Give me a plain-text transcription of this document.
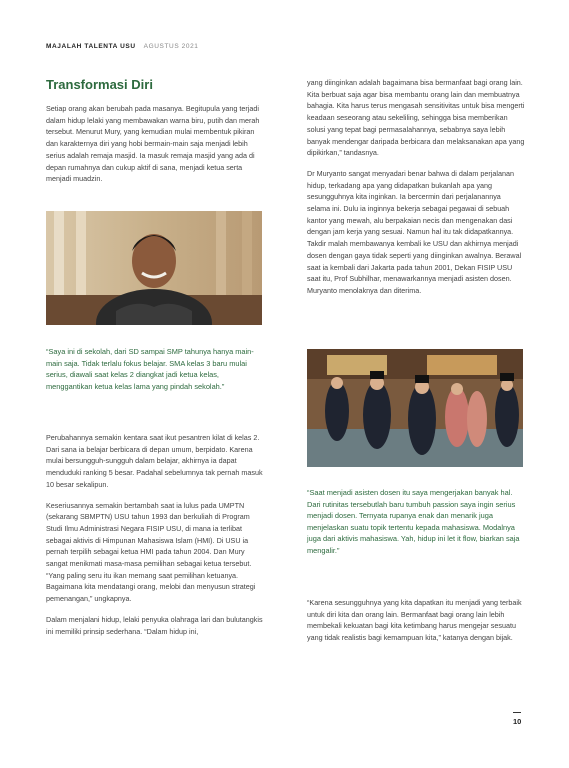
MAJALAH TALENTA USU AGUSTUS 2021
Transformasi Diri

Setiap orang akan berubah pada masanya. Begitupula yang terjadi dalam hidup lelaki yang membawakan warna biru, putih dan merah tersebut. Menurut Mury, yang kemudian mulai membentuk pikiran dan karakternya diri yang hobi bermain-main saja menjadi lebih serius adalah remaja masjid. Ia masuk remaja masjid yang ada di depan rumahnya dan cukup aktif di sana, menjadi ketua serta menjadi muadzin.

“Saya ini di sekolah, dari SD sampai SMP tahunya hanya main-main saja. Tidak terlalu fokus belajar. SMA kelas 3 baru mulai serius, diawali saat kelas 2 diangkat jadi ketua kelas, menggantikan ketua kelas lama yang pindah sekolah.”

Perubahannya semakin kentara saat ikut pesantren kilat di kelas 2. Dari sana ia belajar berbicara di depan umum, berpidato. Karena mulai bersungguh-sungguh dalam belajar, akhirnya ia dapat menduduki ranking 5 besar. Padahal sebelumnya tak pernah masuk 10 besar sekalipun.

Keseriusannya semakin bertambah saat ia lulus pada UMPTN (sekarang SBMPTN) USU tahun 1993 dan berkuliah di Program Studi Ilmu Administrasi Negara FISIP USU, di mana ia terlibat sebagai aktivis di Himpunan Mahasiswa Islam (HMI). Di USU ia pernah terpilih sebagai ketua HMI pada tahun 2004. Dan Mury sangat menikmati masa-masa pemilihan sebagai ketua tersebut. “Yang paling seru itu ikan memang saat pemilihan ketuanya. Bagaimana kita mendatangi orang, melobi dan menyusun strategi pemenangan,” ungkapnya.

Dalam menjalani hidup, lelaki penyuka olahraga lari dan bulutangkis ini memiliki prinsip sederhana. “Dalam hidup ini,

yang diinginkan adalah bagaimana bisa bermanfaat bagi orang lain. Kita berbuat saja agar bisa membantu orang lain dan membuatnya bahagia. Kita harus terus mengasah sensitivitas untuk bisa mengerti keadaan seseorang atau sekeliling, sehingga bisa memberikan solusi yang tepat bagi permasalahannya, sebabnya saya lebih banyak mendengar daripada berbicara dan melaksanakan apa yang dipikirkan,” tandasnya.

Dr Muryanto sangat menyadari benar bahwa di dalam perjalanan hidup, terkadang apa yang didapatkan bukanlah apa yang sesungguhnya kita inginkan. Ia bercermin dari perjalanannya selama ini. Dulu ia inginnya bekerja sebagai pegawai di sebuah kantor yang mewah, alu berpakaian necis dan mengenakan dasi dengan jam kerja yang sesuai. Namun hal itu tak didapatkannya. Takdir malah membawanya kembali ke USU dan akhirnya menjadi dosen dengan gaya tidak seperti yang diinginkan awalnya. Berawal saat ia kembali dari Jakarta pada tahun 2001, Dekan FISIP USU saat itu, Prof Subhilhar, menawarkannya menjadi asisten dosen. Muryanto menolaknya dan diterima.

“Saat menjadi asisten dosen itu saya mengerjakan banyak hal. Dari rutinitas tersebutlah baru tumbuh passion saya ingin serius menjadi dosen. Ternyata rupanya enak dan menarik juga menjelaskan suatu topik tertentu kepada mahasiswa. Modalnya juga dari aktivis mahasiswa. Yah, hidup ini let it flow, biarkan saja mengalir.”

“Karena sesungguhnya yang kita dapatkan itu menjadi yang terbaik untuk diri kita dan orang lain. Bermanfaat bagi orang lain lebih membekali kekuatan bagi kita ketimbang harus mengejar sesuatu yang tidak realistis bagi kemampuan kita,” katanya dengan bijak.

10
